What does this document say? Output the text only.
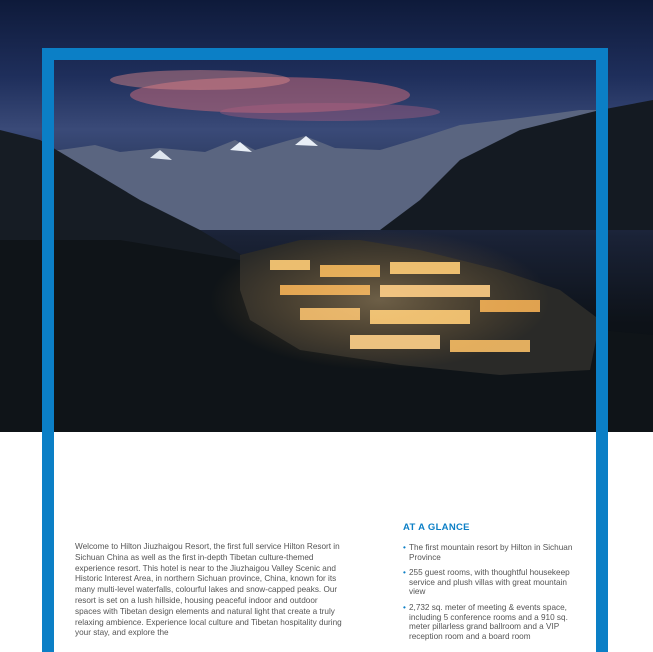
Welcome to Hilton Jiuzhaigou Resort, the first full service Hilton Resort in Sichuan China as well as the first in-depth Tibetan culture-themed experience resort. This hotel is near to the Jiuzhaigou Valley Scenic and Historic Interest Area, in northern Sichuan province, China, known for its many multi-level waterfalls, colourful lakes and snow-capped peaks. Our resort is set on a lush hillside, housing peaceful indoor and outdoor spaces with Tibetan design elements and natural light that create a truly relaxing ambience. Experience local culture and Tibetan hospitality during your stay, and explore the

AT A GLANCE
• The first mountain resort by Hilton in Sichuan Province
• 255 guest rooms, with thoughtful housekeep service and plush villas with great mountain view
• 2,732 sq. meter of meeting & events space, including 5 conference rooms and a 910 sq. meter pillarless grand ballroom and a VIP reception room and a board room
